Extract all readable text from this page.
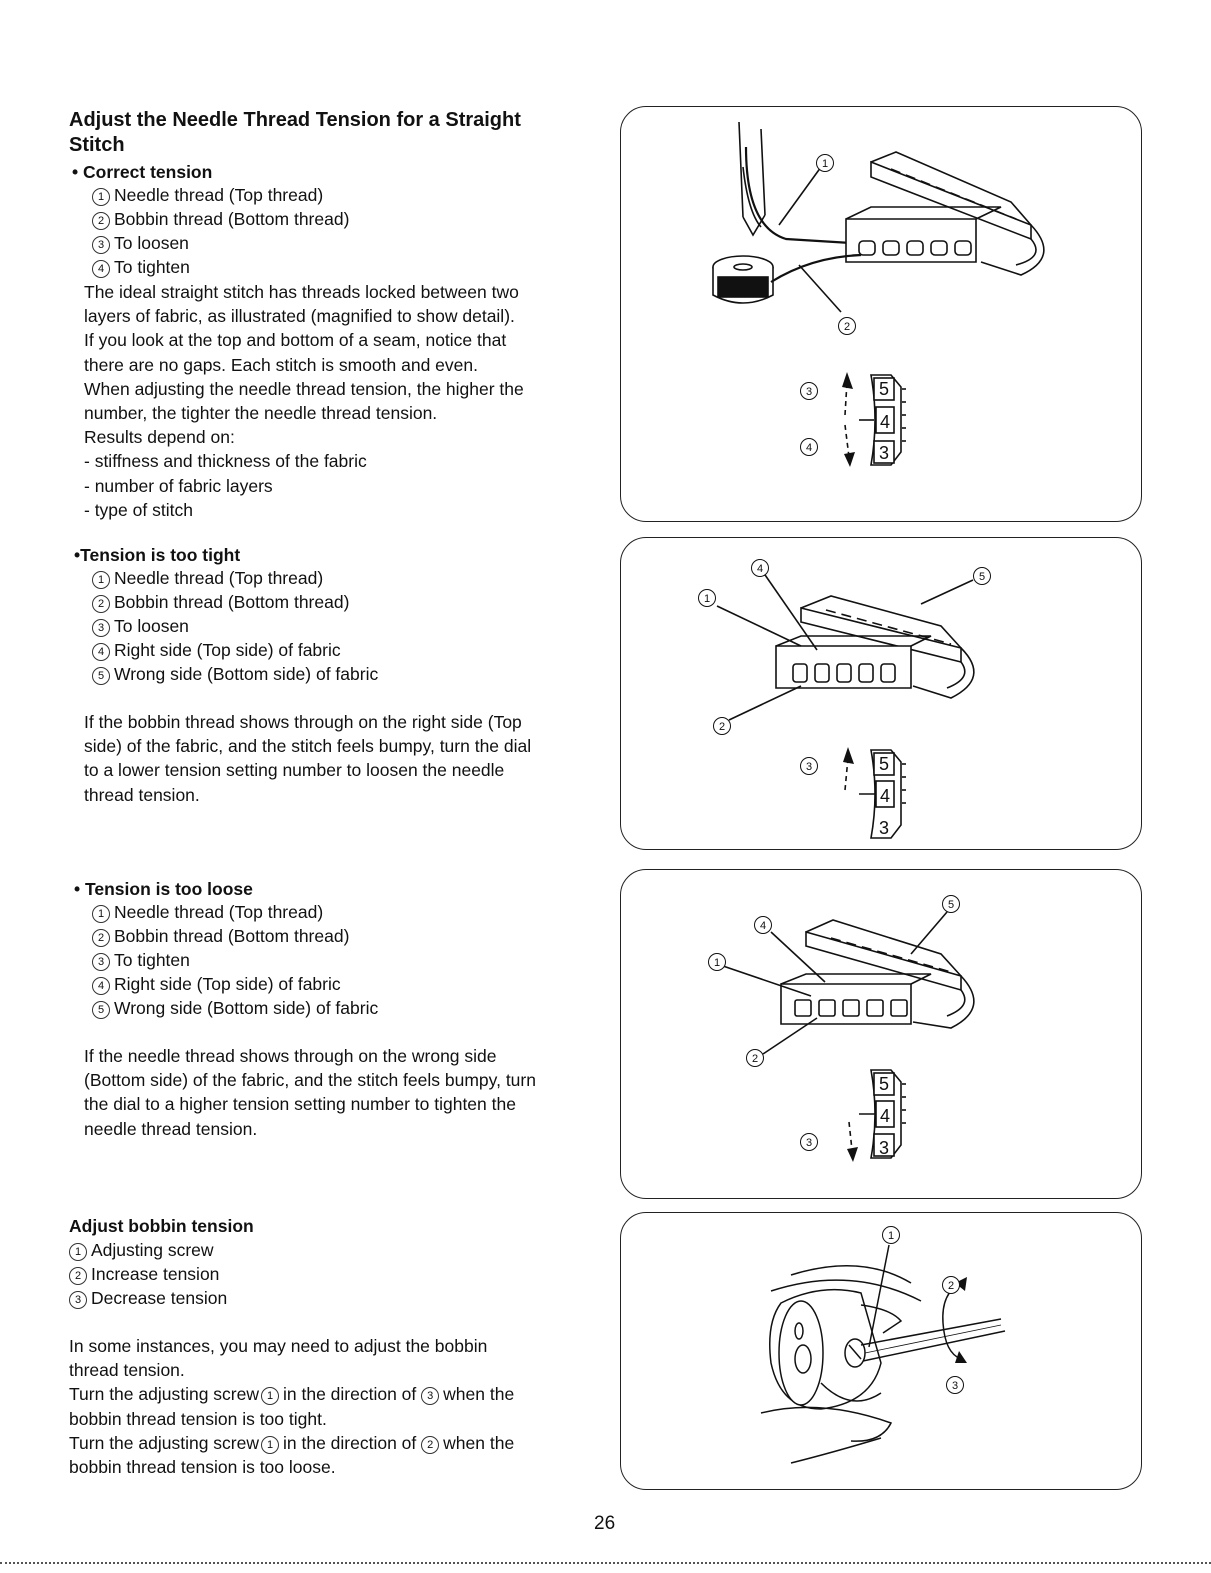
Adjust the Needle Thread Tension for a Straight
Stitch
• Correct tension
1 Needle thread (Top thread)
2 Bobbin thread (Bottom thread)
3 To loosen
4 To tighten
The ideal straight stitch has threads locked between two
layers of fabric, as illustrated (magnified to show detail).
If you look at the top and bottom of a seam, notice that
there are no gaps. Each stitch is smooth and even.
When adjusting the needle thread tension, the higher the
number, the tighter the needle thread tension.
Results depend on:
- stiffness and thickness of the fabric
- number of fabric layers
- type of stitch
•Tension is too tight
1 Needle thread (Top thread)
2 Bobbin thread (Bottom thread)
3 To loosen
4 Right side (Top side) of fabric
5 Wrong side (Bottom side) of fabric
If the bobbin thread shows through on the right side (Top
side) of the fabric, and the stitch feels bumpy, turn the dial
to a lower tension setting number to loosen the needle
thread tension.
• Tension is too loose
1 Needle thread (Top thread)
2 Bobbin thread (Bottom thread)
3 To tighten
4 Right side (Top side) of fabric
5 Wrong side (Bottom side) of fabric
If the needle thread shows through on the wrong side
(Bottom side) of the fabric, and the stitch feels bumpy, turn
the dial to a higher tension setting number to tighten the
needle thread tension.
Adjust bobbin tension
1 Adjusting screw
2 Increase tension
3 Decrease tension
In some instances, you may need to adjust the bobbin
thread tension.
Turn the adjusting screw 1 in the direction of 3 when the
bobbin thread tension is too tight.
Turn the adjusting screw 1 in the direction of 2 when the
bobbin thread tension is too loose.
1
2
3
4
5
4
3
1
2
3
4
5
5
4
3
1
2
3
4
5
5
4
3
1
2
3
26
